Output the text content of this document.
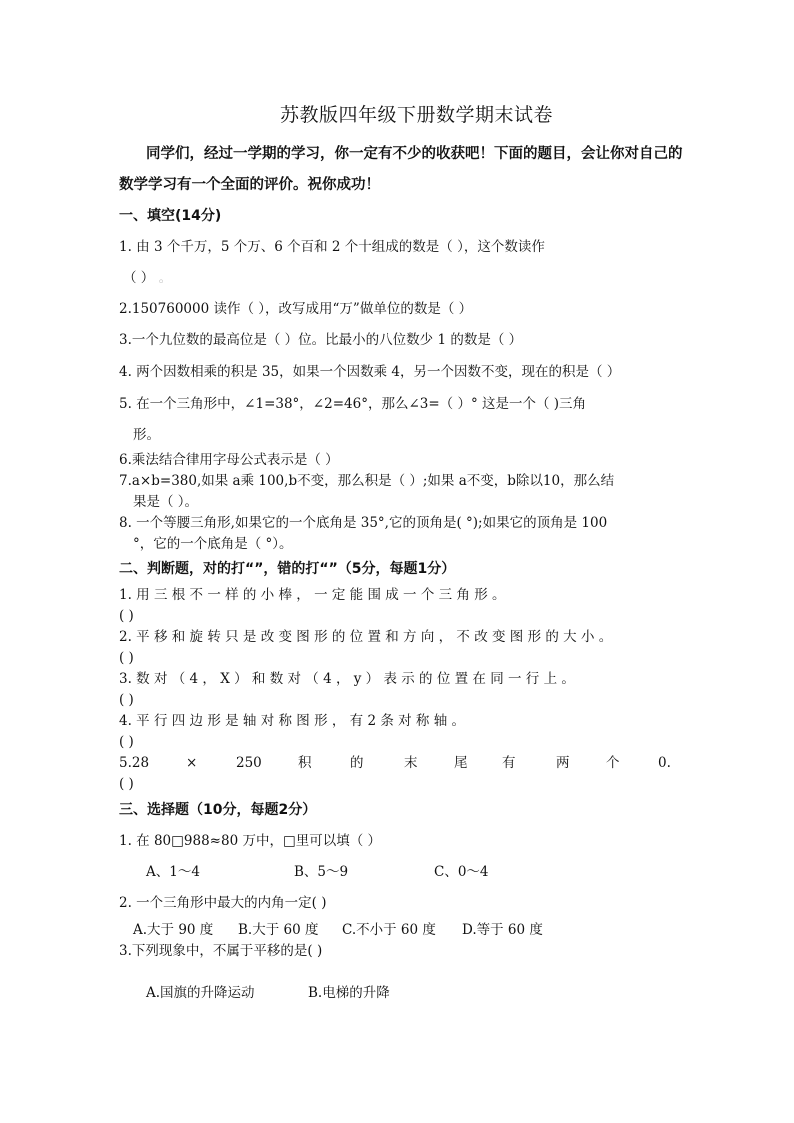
苏教版四年级下册数学期末试卷
同学们，经过一学期的学习，你一定有不少的收获吧！下面的题目，会让你对自己的
数学学习有一个全面的评价。祝你成功！
一、填空(14分)
1. 由 3 个千万，5 个万、6 个百和 2 个十组成的数是（ ），这个数读作
（ ） 。
2.150760000 读作（ ），改写成用“万”做单位的数是（ ）
3.一个九位数的最高位是（ ）位。比最小的八位数少 1 的数是（ ）
4. 两个因数相乘的积是 35，如果一个因数乘 4，另一个因数不变，现在的积是（ ）
5. 在一个三角形中，∠1=38°，∠2=46°，那么∠3=（ ）° 这是一个（ )三角
形。
6.乘法结合律用字母公式表示是（ ）
7.a×b=380,如果 a乘 100,b不变，那么积是（ ）;如果 a不变，b除以10，那么结
果是（ ）。
8. 一个等腰三角形,如果它的一个底角是 35°,它的顶角是( °);如果它的顶角是 100
°，它的一个底角是（ °）。
二、判断题，对的打“”，错的打“”（5分，每题1分）
1. 用 三 根 不 一 样 的 小 棒 ， 一 定 能 围 成 一 个 三 角 形 。
( )
2. 平 移 和 旋 转 只 是 改 变 图 形 的 位 置 和 方 向 ， 不 改 变 图 形 的 大 小 。
( )
3. 数 对 （ 4 ， X ） 和 数 对 （ 4 ， y ） 表 示 的 位 置 在 同 一 行 上 。
( )
4. 平 行 四 边 形 是 轴 对 称 图 形 ， 有 2 条 对 称 轴 。
( )
5.28	×	250	积	的	末	尾	有	两	个	0.
( )
三、选择题（10分，每题2分）
1. 在 80□988≈80 万中，□里可以填（ ）
A、1～4	B、5～9	C、0～4
2. 一个三角形中最大的内角一定( )
A.大于 90 度 B.大于 60 度 C.不小于 60 度 D.等于 60 度
3.下列现象中，不属于平移的是( )
A.国旗的升降运动	B.电梯的升降
